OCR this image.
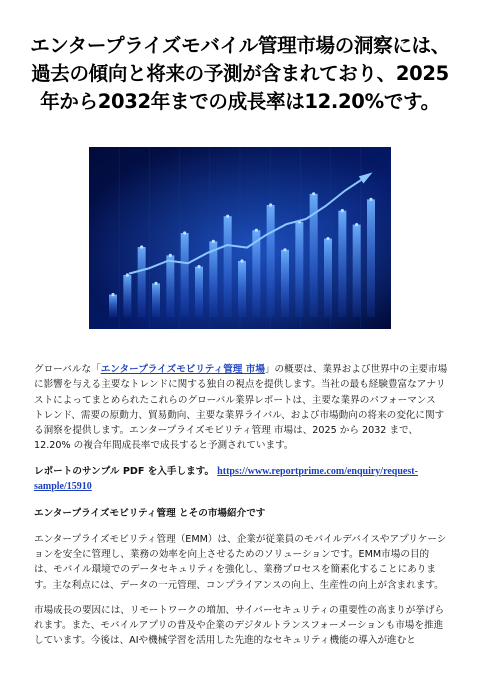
エンタープライズモバイル管理市場の洞察には、過去の傾向と将来の予測が含まれており、2025年から2032年までの成長率は12.20%です。

グローバルな「エンタープライズモビリティ管理 市場」の概要は、業界および世界中の主要市場に影響を与える主要なトレンドに関する独自の視点を提供します。当社の最も経験豊富なアナリストによってまとめられたこれらのグローバル業界レポートは、主要な業界のパフォーマンス トレンド、需要の原動力、貿易動向、主要な業界ライバル、および市場動向の将来の変化に関する洞察を提供します。エンタープライズモビリティ管理 市場は、2025 から 2032 まで、12.20% の複合年間成長率で成長すると予測されています。

レポートのサンプル PDF を入手します。 https://www.reportprime.com/enquiry/request-sample/15910

エンタープライズモビリティ管理 とその市場紹介です

エンタープライズモビリティ管理（EMM）は、企業が従業員のモバイルデバイスやアプリケーションを安全に管理し、業務の効率を向上させるためのソリューションです。EMM市場の目的は、モバイル環境でのデータセキュリティを強化し、業務プロセスを簡素化することにあります。主な利点には、データの一元管理、コンプライアンスの向上、生産性の向上が含まれます。

市場成長の要因には、リモートワークの増加、サイバーセキュリティの重要性の高まりが挙げられます。また、モバイルアプリの普及や企業のデジタルトランスフォーメーションも市場を推進しています。今後は、AIや機械学習を活用した先進的なセキュリティ機能の導入が進むと
